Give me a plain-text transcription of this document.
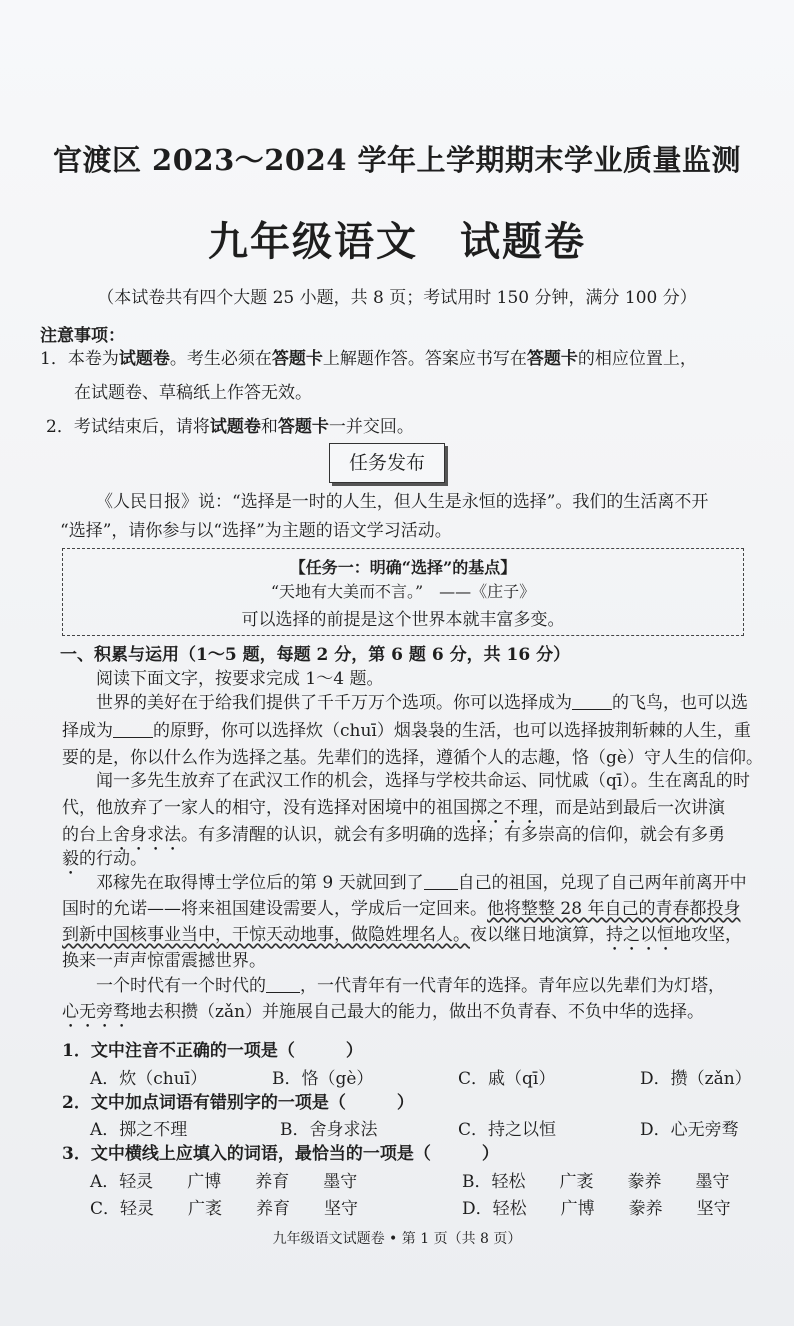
官渡区 2023～2024 学年上学期期末学业质量监测
九年级语文　试题卷
（本试卷共有四个大题 25 小题，共 8 页；考试用时 150 分钟，满分 100 分）
注意事项：
1．本卷为试题卷。考生必须在答题卡上解题作答。答案应书写在答题卡的相应位置上，
在试题卷、草稿纸上作答无效。
2．考试结束后，请将试题卷和答题卡一并交回。
任务发布
《人民日报》说：“选择是一时的人生，但人生是永恒的选择”。我们的生活离不开
“选择”，请你参与以“选择”为主题的语文学习活动。
【任务一：明确“选择”的基点】
“天地有大美而不言。”　——《庄子》
可以选择的前提是这个世界本就丰富多变。
一、积累与运用（1～5 题，每题 2 分，第 6 题 6 分，共 16 分）
阅读下面文字，按要求完成 1～4 题。
世界的美好在于给我们提供了千千万万个选项。你可以选择成为 的飞鸟，也可以选
择成为 的原野，你可以选择炊（chuī）烟袅袅的生活，也可以选择披荆斩棘的人生，重
要的是，你以什么作为选择之基。先辈们的选择，遵循个人的志趣，恪（gè）守人生的信仰。
闻一多先生放弃了在武汉工作的机会，选择与学校共命运、同忧戚（qī）。生在离乱的时
代，他放弃了一家人的相守，没有选择对困境中的祖国掷之不理，而是站到最后一次讲演
的台上舍身求法。有多清醒的认识，就会有多明确的选择；有多崇高的信仰，就会有多勇
毅的行动。
邓稼先在取得博士学位后的第 9 天就回到了 自己的祖国，兑现了自己两年前离开中
国时的允诺——将来祖国建设需要人，学成后一定回来。他将整整 28 年自己的青春都投身
到新中国核事业当中，干惊天动地事，做隐姓埋名人。夜以继日地演算，持之以恒地攻坚，
换来一声声惊雷震撼世界。
一个时代有一个时代的 ，一代青年有一代青年的选择。青年应以先辈们为灯塔，
心无旁骛地去积攒（zǎn）并施展自己最大的能力，做出不负青春、不负中华的选择。
1．文中注音不正确的一项是（　　　）
A．炊（chuī）	B．恪（gè）	C．戚（qī）	D．攒（zǎn）
2．文中加点词语有错别字的一项是（　　　）
A．掷之不理	B．舍身求法	C．持之以恒	D．心无旁骛
3．文中横线上应填入的词语，最恰当的一项是（　　　）
A．轻灵　　广博　　养育　　墨守	B．轻松　　广袤　　豢养　　墨守
C．轻灵　　广袤　　养育　　坚守	D．轻松　　广博　　豢养　　坚守
九年级语文试题卷 • 第 1 页（共 8 页）
